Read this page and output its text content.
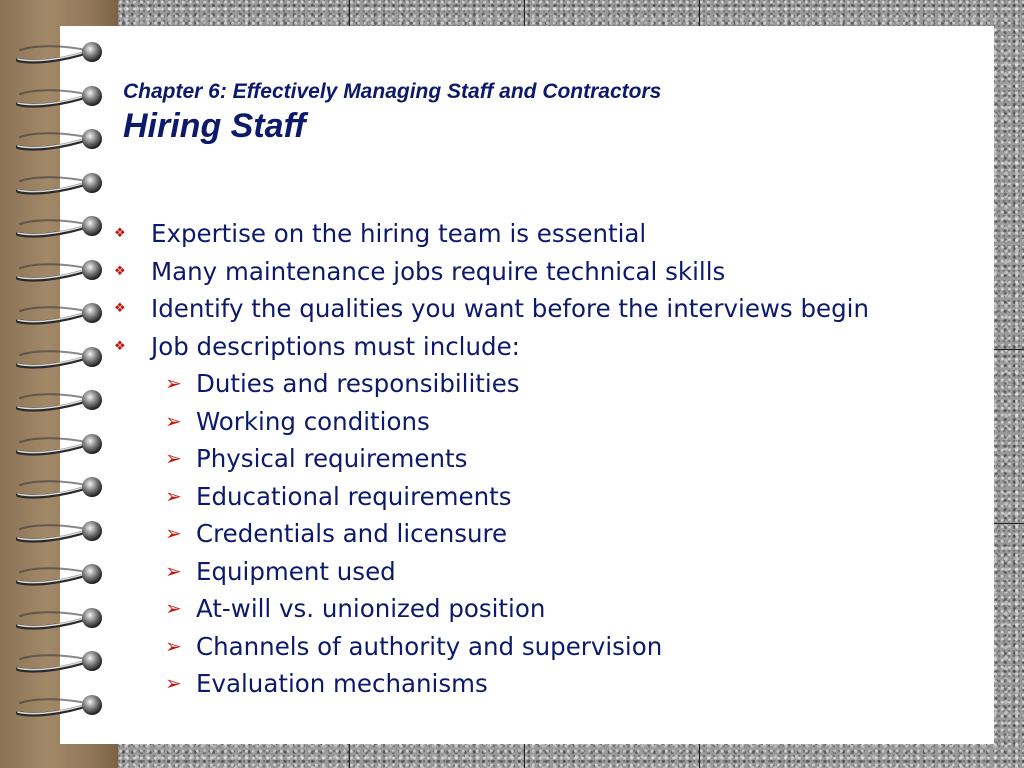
Chapter 6: Effectively Managing Staff and Contractors
Hiring Staff
❖ Expertise on the hiring team is essential
❖ Many maintenance jobs require technical skills
❖ Identify the qualities you want before the interviews begin
❖ Job descriptions must include:
➢ Duties and responsibilities
➢ Working conditions
➢ Physical requirements
➢ Educational requirements
➢ Credentials and licensure
➢ Equipment used
➢ At-will vs. unionized position
➢ Channels of authority and supervision
➢ Evaluation mechanisms
